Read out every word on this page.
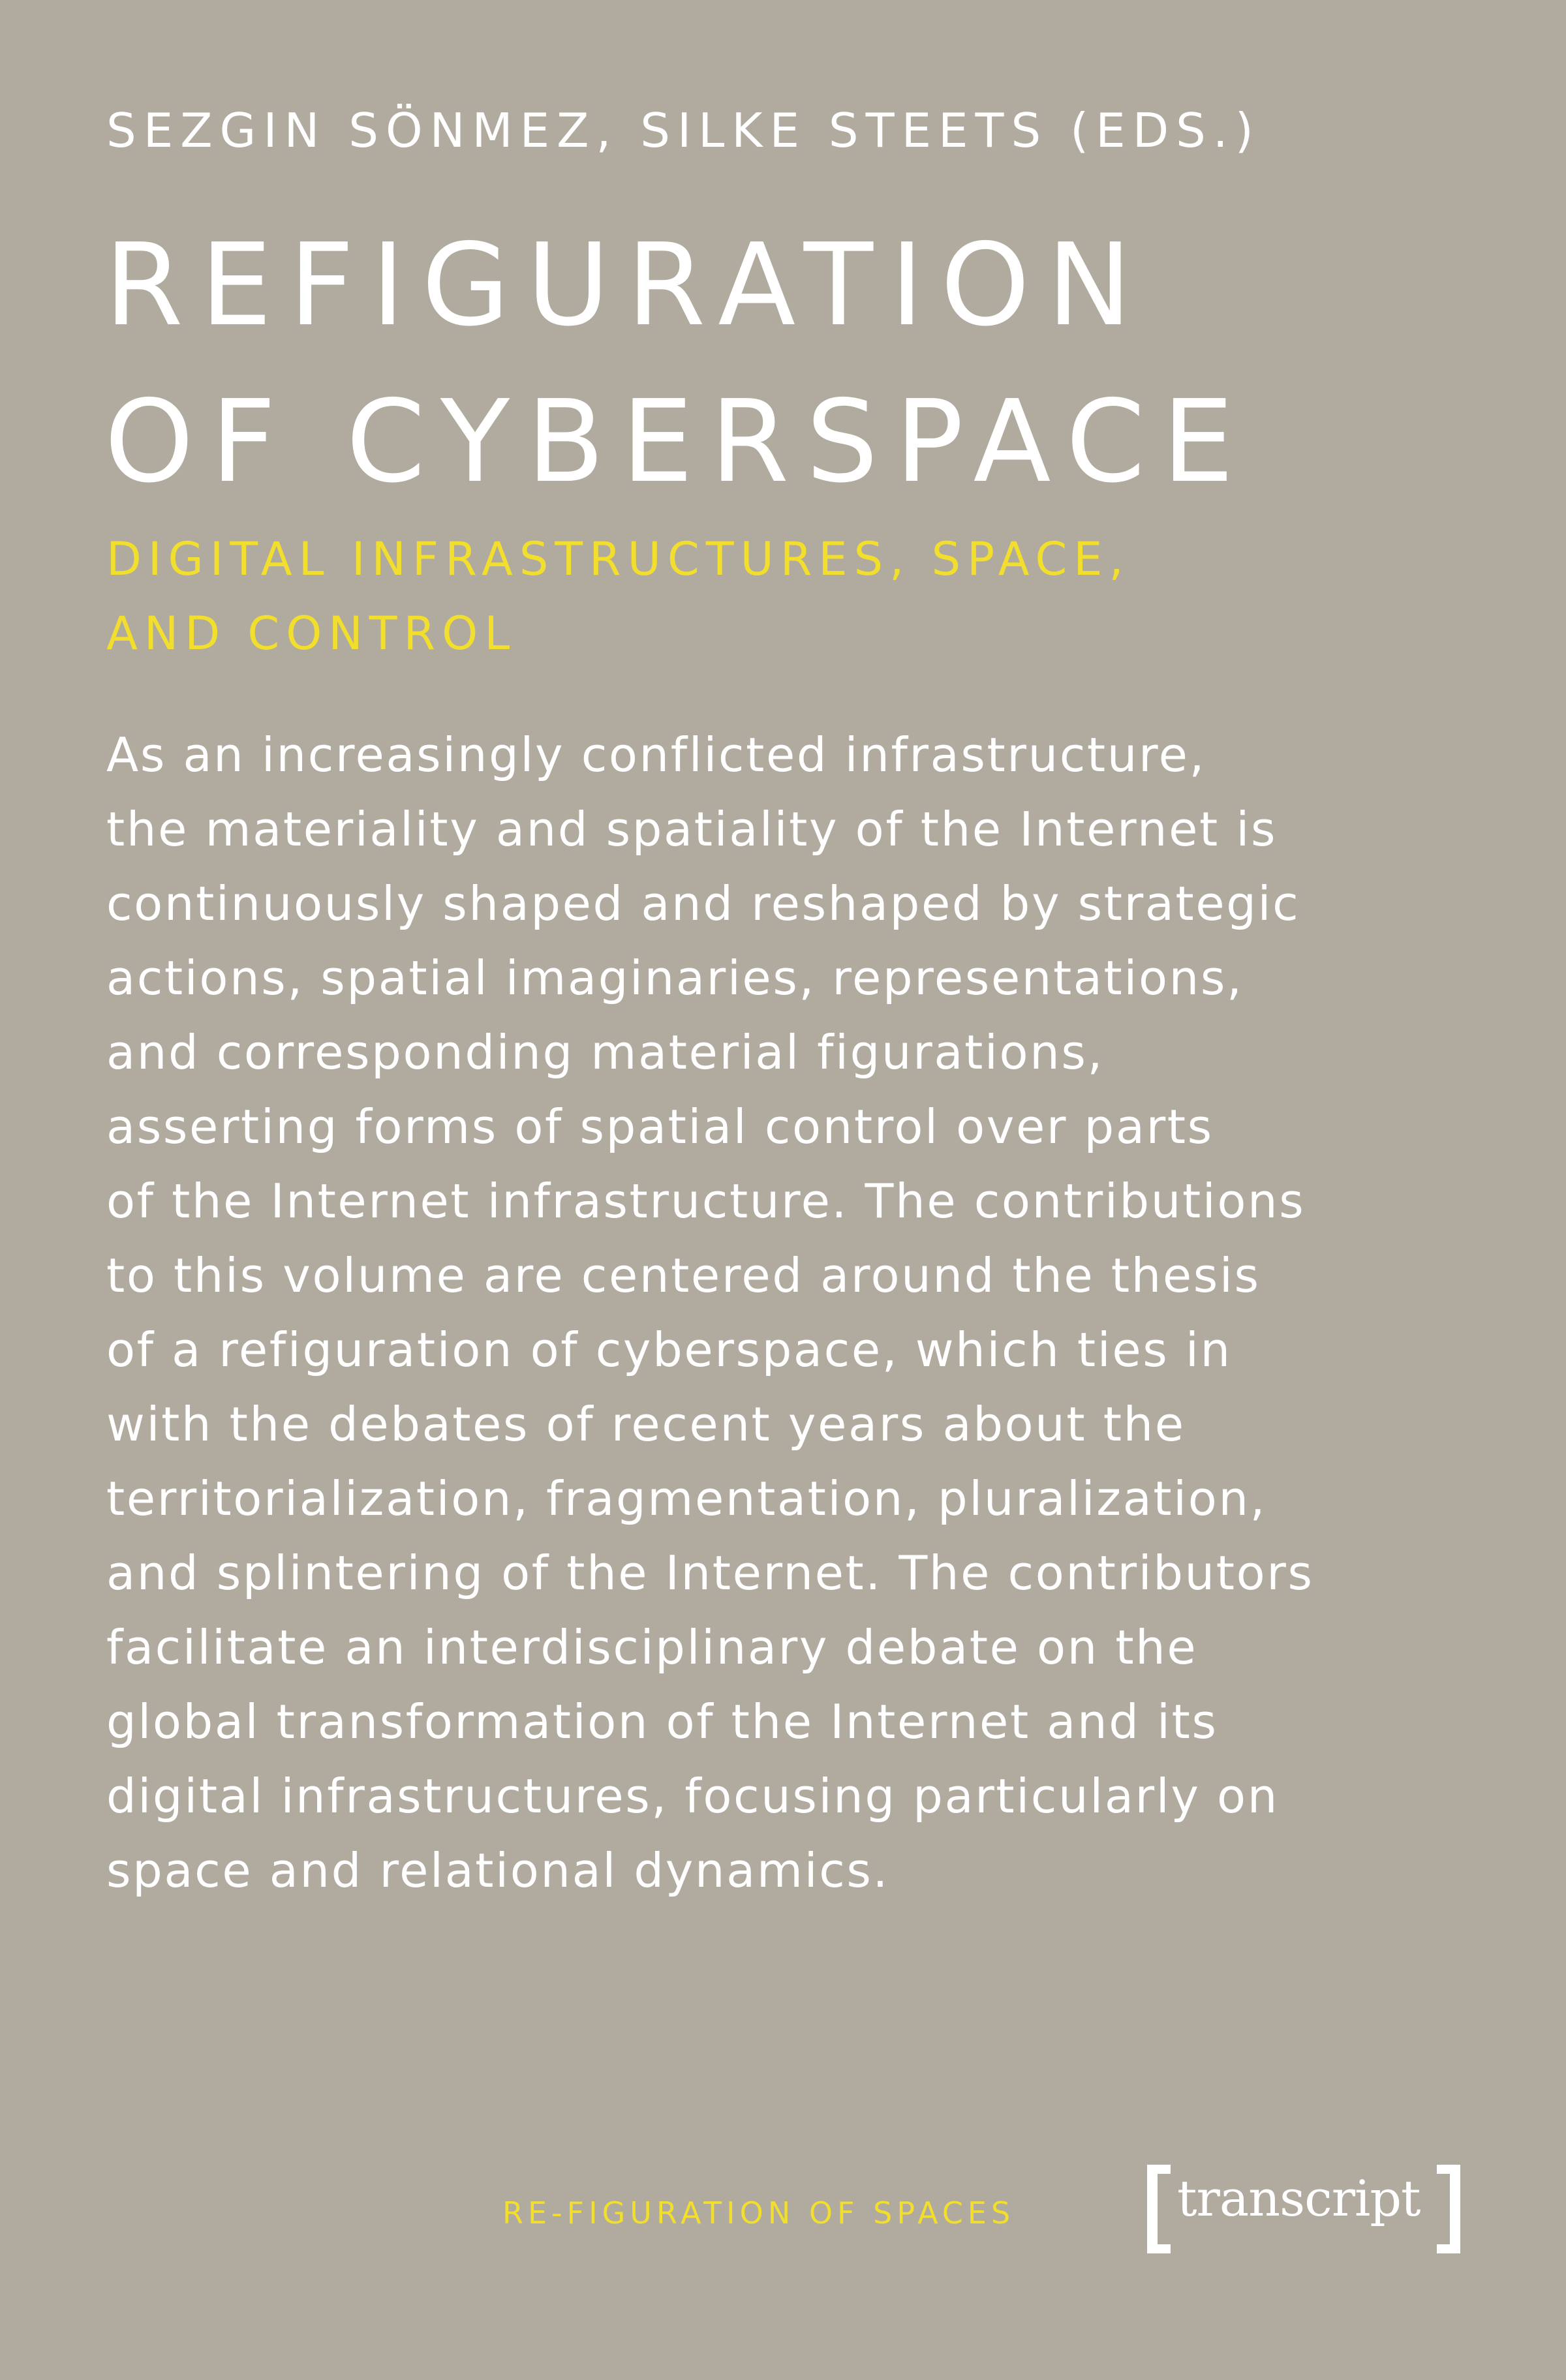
SEZGIN SÖNMEZ, SILKE STEETS (EDS.)
REFIGURATION
OF CYBERSPACE
DIGITAL INFRASTRUCTURES, SPACE,
AND CONTROL
As an increasingly conflicted infrastructure,
the materiality and spatiality of the Internet is
continuously shaped and reshaped by strategic
actions, spatial imaginaries, representations,
and corresponding material figurations,
asserting forms of spatial control over parts
of the Internet infrastructure. The contributions
to this volume are centered around the thesis
of a refiguration of cyberspace, which ties in
with the debates of recent years about the
territorialization, fragmentation, pluralization,
and splintering of the Internet. The contributors
facilitate an interdisciplinary debate on the
global transformation of the Internet and its
digital infrastructures, focusing particularly on
space and relational dynamics.
RE-FIGURATION OF SPACES	transcript
